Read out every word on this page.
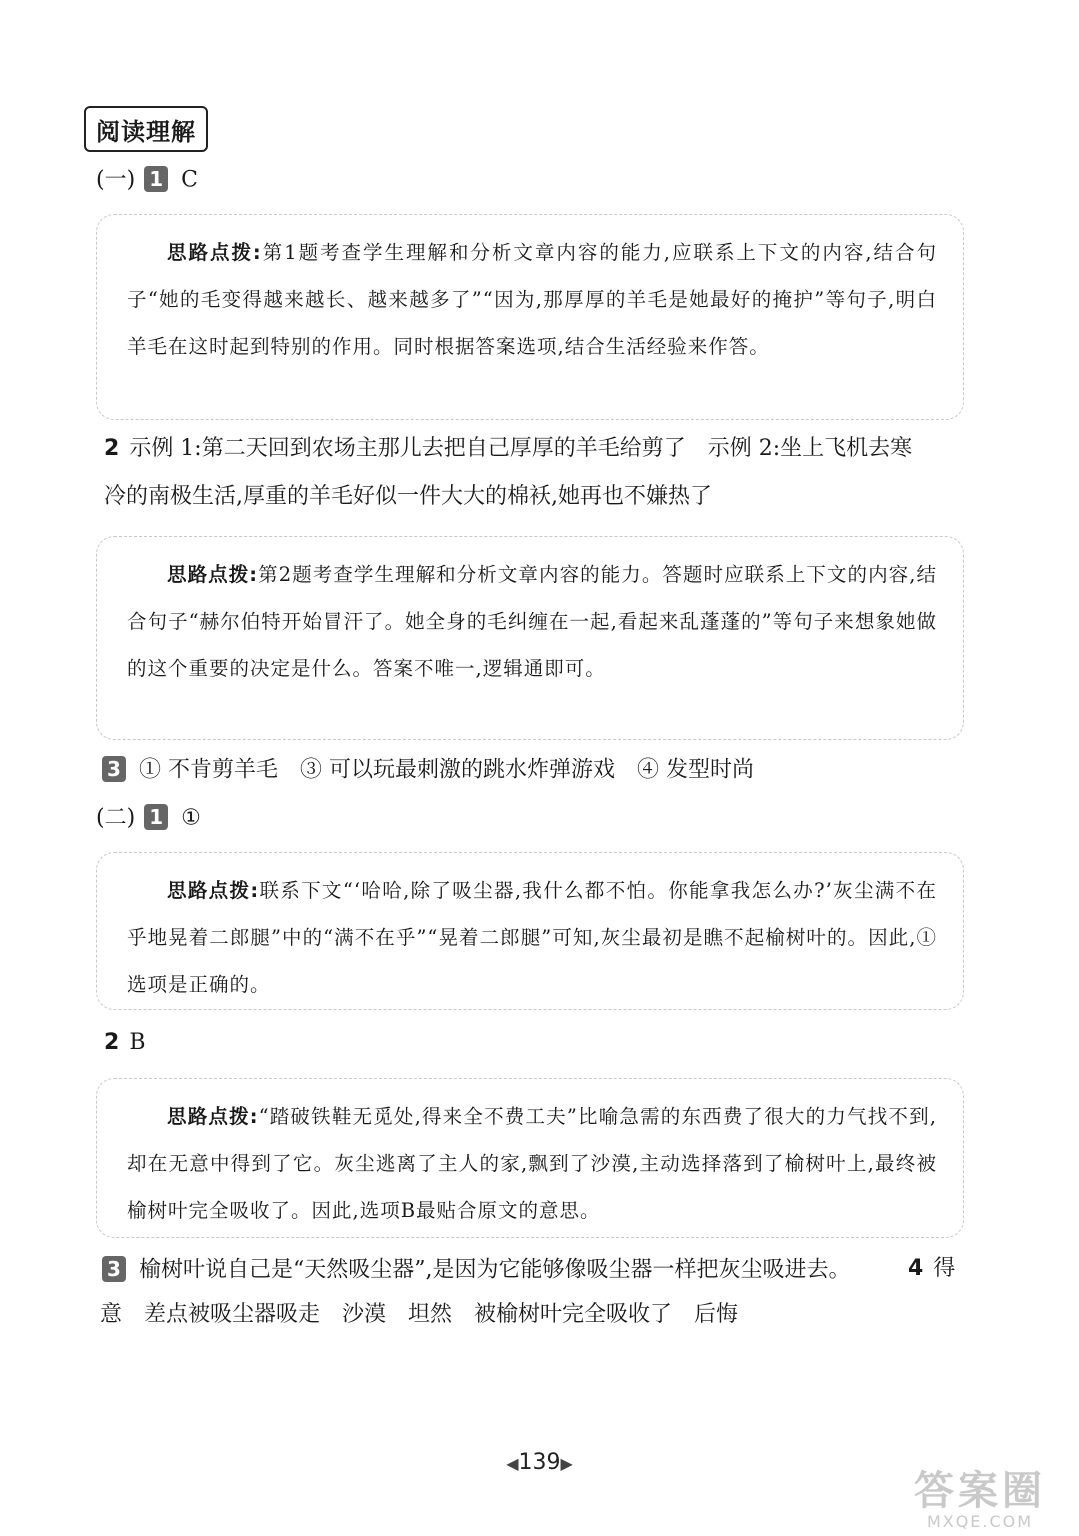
阅读理解
(一) 1 C
思路点拨:第1题考查学生理解和分析文章内容的能力,应联系上下文的内容,结合句子“她的毛变得越来越长、越来越多了”“因为,那厚厚的羊毛是她最好的掩护”等句子,明白羊毛在这时起到特别的作用。同时根据答案选项,结合生活经验来作答。
2 示例 1:第二天回到农场主那儿去把自己厚厚的羊毛给剪了　示例 2:坐上飞机去寒
冷的南极生活,厚重的羊毛好似一件大大的棉袄,她再也不嫌热了
思路点拨:第2题考查学生理解和分析文章内容的能力。答题时应联系上下文的内容,结合句子“赫尔伯特开始冒汗了。她全身的毛纠缠在一起,看起来乱蓬蓬的”等句子来想象她做的这个重要的决定是什么。答案不唯一,逻辑通即可。
3 ① 不肯剪羊毛　③ 可以玩最刺激的跳水炸弹游戏　④ 发型时尚
(二) 1 ①
思路点拨:联系下文“‘哈哈,除了吸尘器,我什么都不怕。你能拿我怎么办?’灰尘满不在乎地晃着二郎腿”中的“满不在乎”“晃着二郎腿”可知,灰尘最初是瞧不起榆树叶的。因此,①选项是正确的。
2 B
思路点拨:“踏破铁鞋无觅处,得来全不费工夫”比喻急需的东西费了很大的力气找不到,却在无意中得到了它。灰尘逃离了主人的家,飘到了沙漠,主动选择落到了榆树叶上,最终被榆树叶完全吸收了。因此,选项B最贴合原文的意思。
3 榆树叶说自己是“天然吸尘器”,是因为它能够像吸尘器一样把灰尘吸进去。	4 得
意　差点被吸尘器吸走　沙漠　坦然　被榆树叶完全吸收了　后悔
◀139▶
答案圈
MXQE.COM
